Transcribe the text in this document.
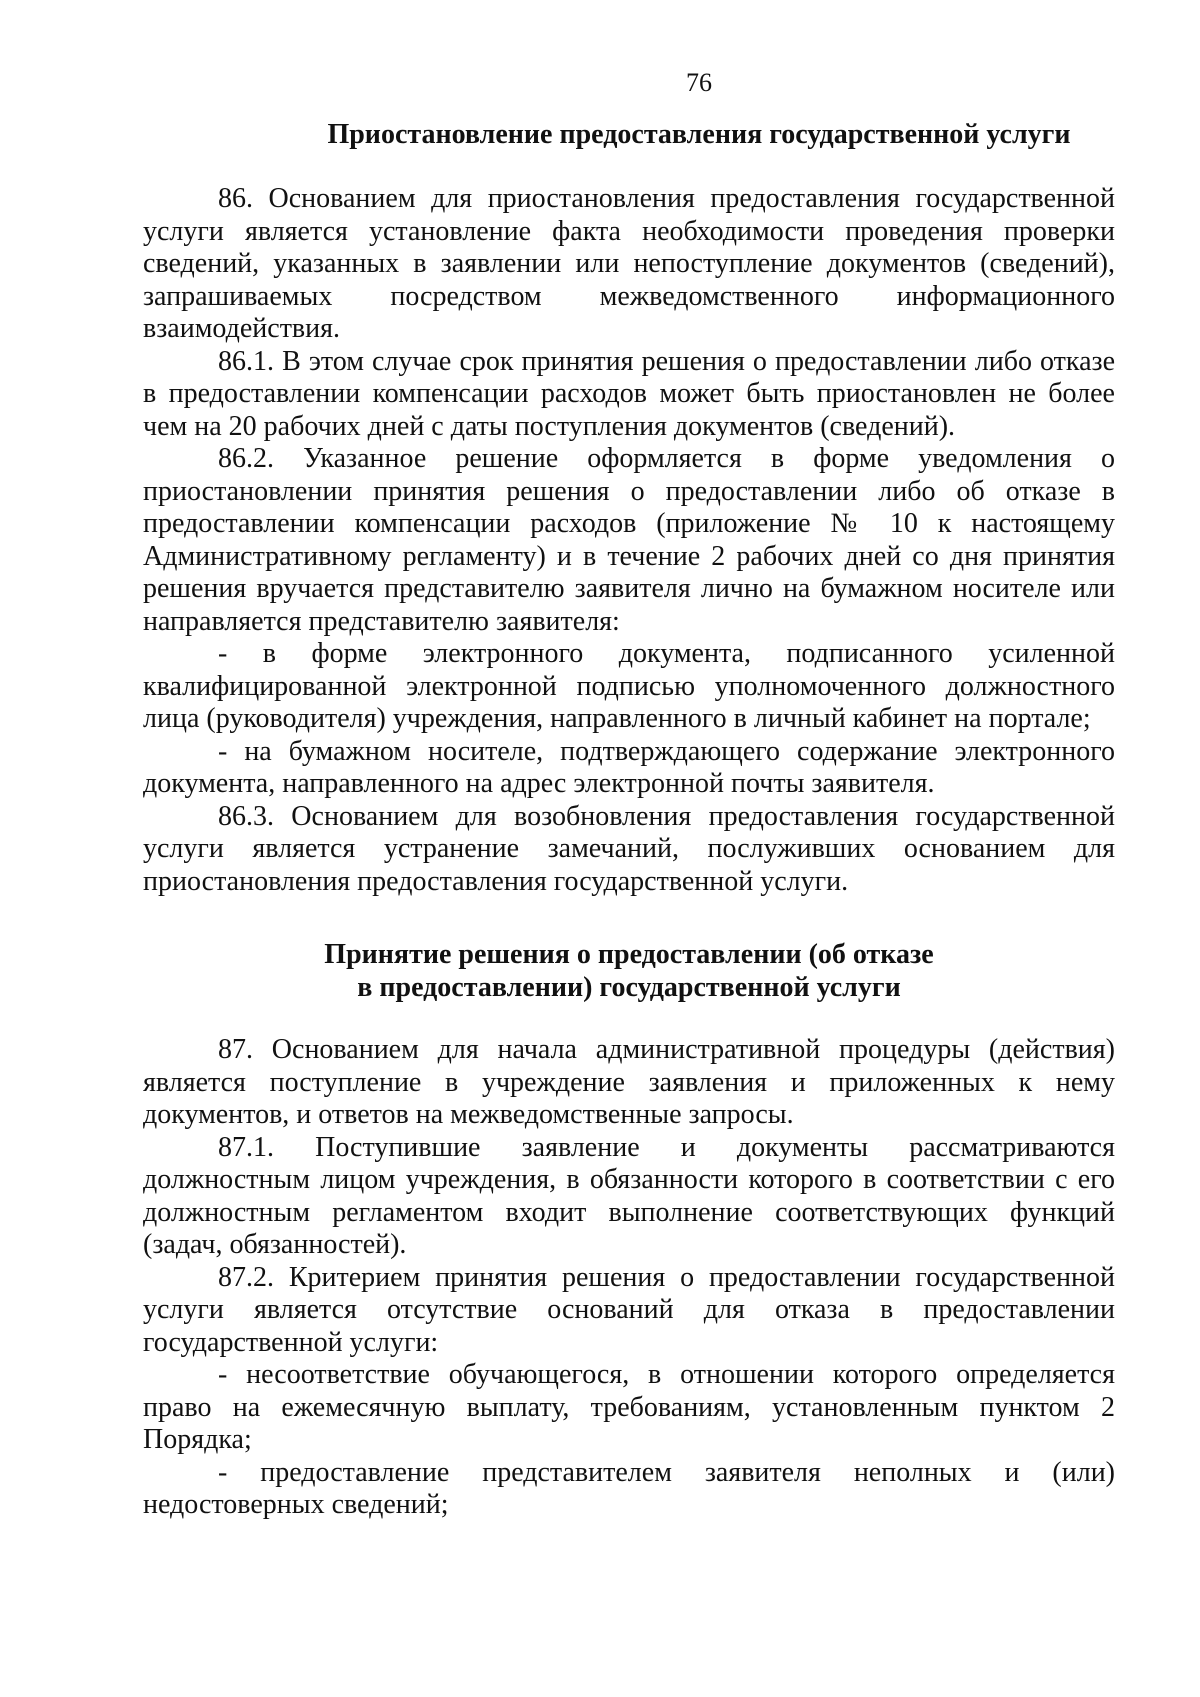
76
Приостановление предоставления государственной услуги

86. Основанием для приостановления предоставления государственной услуги является установление факта необходимости проведения проверки сведений, указанных в заявлении или непоступление документов (сведений), запрашиваемых посредством межведомственного информационного взаимодействия.

86.1. В этом случае срок принятия решения о предоставлении либо отказе в предоставлении компенсации расходов может быть приостановлен не более чем на 20 рабочих дней с даты поступления документов (сведений).

86.2. Указанное решение оформляется в форме уведомления о приостановлении принятия решения о предоставлении либо об отказе в предоставлении компенсации расходов (приложение № 10 к настоящему Административному регламенту) и в течение 2 рабочих дней со дня принятия решения вручается представителю заявителя лично на бумажном носителе или направляется представителю заявителя:

- в форме электронного документа, подписанного усиленной квалифицированной электронной подписью уполномоченного должностного лица (руководителя) учреждения, направленного в личный кабинет на портале;

- на бумажном носителе, подтверждающего содержание электронного документа, направленного на адрес электронной почты заявителя.

86.3. Основанием для возобновления предоставления государственной услуги является устранение замечаний, послуживших основанием для приостановления предоставления государственной услуги.

Принятие решения о предоставлении (об отказе
в предоставлении) государственной услуги

87. Основанием для начала административной процедуры (действия) является поступление в учреждение заявления и приложенных к нему документов, и ответов на межведомственные запросы.

87.1. Поступившие заявление и документы рассматриваются должностным лицом учреждения, в обязанности которого в соответствии с его должностным регламентом входит выполнение соответствующих функций (задач, обязанностей).

87.2. Критерием принятия решения о предоставлении государственной услуги является отсутствие оснований для отказа в предоставлении государственной услуги:

- несоответствие обучающегося, в отношении которого определяется право на ежемесячную выплату, требованиям, установленным пунктом 2 Порядка;

- предоставление представителем заявителя неполных и (или) недостоверных сведений;
